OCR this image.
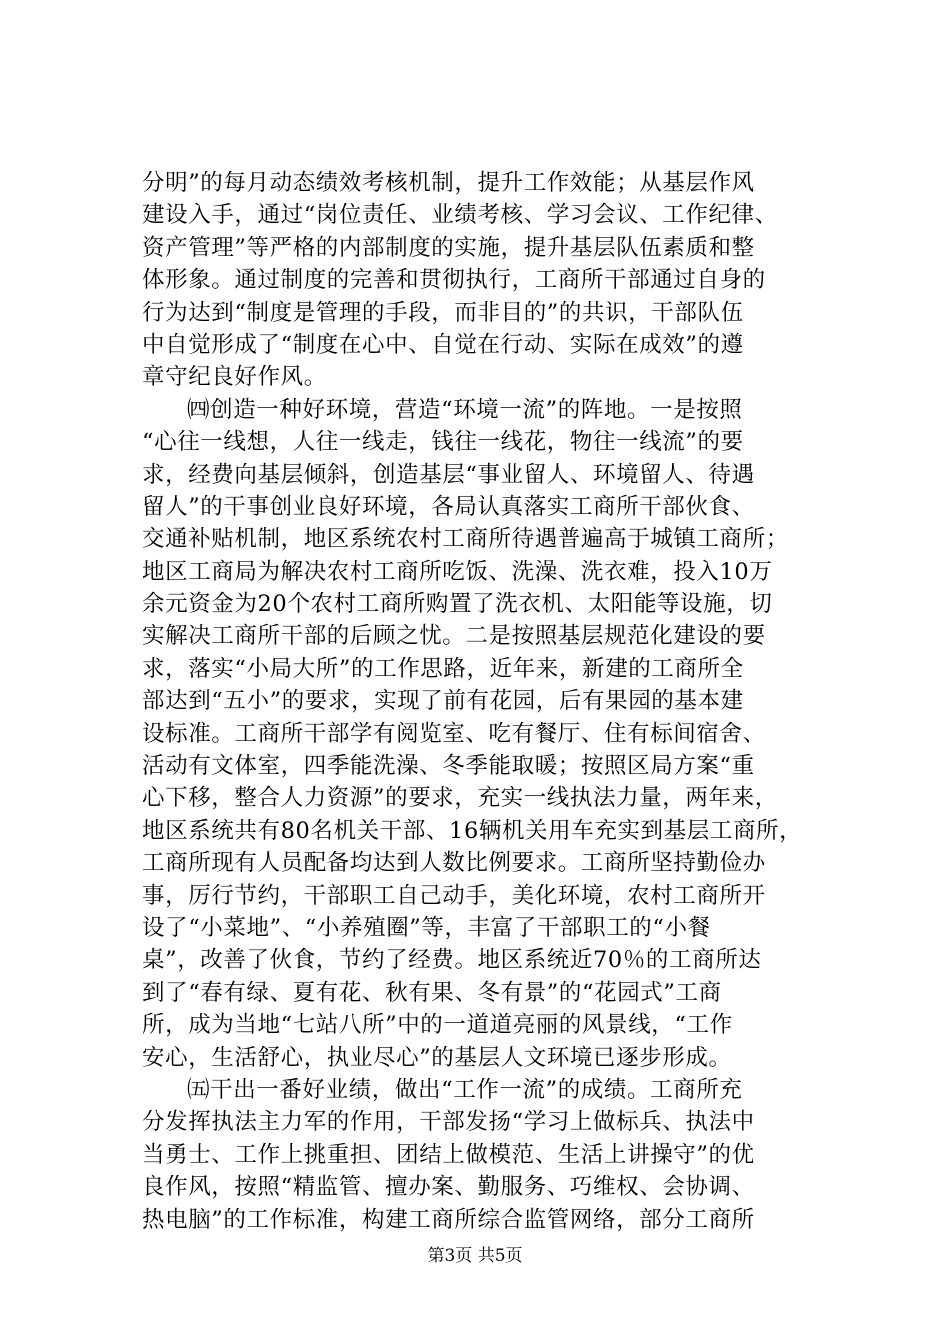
分明”的每月动态绩效考核机制，提升工作效能；从基层作风
建设入手，通过“岗位责任、业绩考核、学习会议、工作纪律、
资产管理”等严格的内部制度的实施，提升基层队伍素质和整
体形象。通过制度的完善和贯彻执行，工商所干部通过自身的
行为达到“制度是管理的手段，而非目的”的共识，干部队伍
中自觉形成了“制度在心中、自觉在行动、实际在成效”的遵
章守纪良好作风。
㈣创造一种好环境，营造“环境一流”的阵地。一是按照
“心往一线想，人往一线走，钱往一线花，物往一线流”的要
求，经费向基层倾斜，创造基层“事业留人、环境留人、待遇
留人”的干事创业良好环境，各局认真落实工商所干部伙食、
交通补贴机制，地区系统农村工商所待遇普遍高于城镇工商所；
地区工商局为解决农村工商所吃饭、洗澡、洗衣难，投入10万
余元资金为20个农村工商所购置了洗衣机、太阳能等设施，切
实解决工商所干部的后顾之忧。二是按照基层规范化建设的要
求，落实“小局大所”的工作思路，近年来，新建的工商所全
部达到“五小”的要求，实现了前有花园，后有果园的基本建
设标准。工商所干部学有阅览室、吃有餐厅、住有标间宿舍、
活动有文体室，四季能洗澡、冬季能取暖；按照区局方案“重
心下移，整合人力资源”的要求，充实一线执法力量，两年来，
地区系统共有80名机关干部、16辆机关用车充实到基层工商所，
工商所现有人员配备均达到人数比例要求。工商所坚持勤俭办
事，厉行节约，干部职工自己动手，美化环境，农村工商所开
设了“小菜地”、“小养殖圈”等，丰富了干部职工的“小餐
桌”，改善了伙食，节约了经费。地区系统近70％的工商所达
到了“春有绿、夏有花、秋有果、冬有景”的“花园式”工商
所，成为当地“七站八所”中的一道道亮丽的风景线，“工作
安心，生活舒心，执业尽心”的基层人文环境已逐步形成。
㈤干出一番好业绩，做出“工作一流”的成绩。工商所充
分发挥执法主力军的作用，干部发扬“学习上做标兵、执法中
当勇士、工作上挑重担、团结上做模范、生活上讲操守”的优
良作风，按照“精监管、擅办案、勤服务、巧维权、会协调、
热电脑”的工作标准，构建工商所综合监管网络，部分工商所
第3页 共5页
